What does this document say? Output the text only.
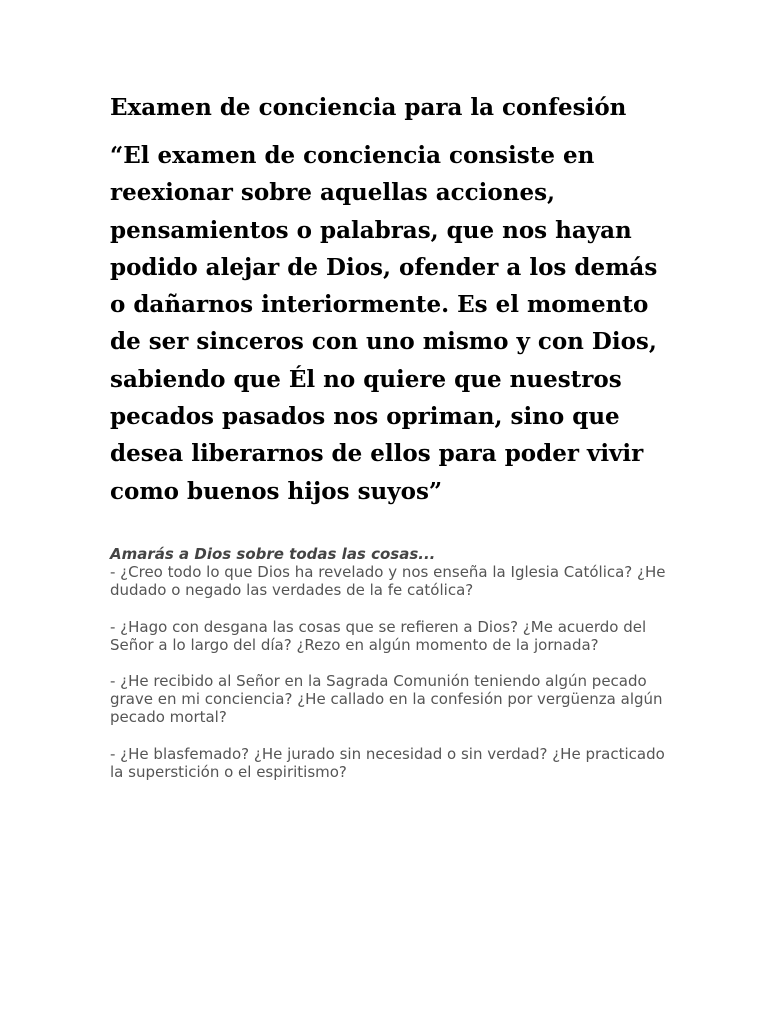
Examen de conciencia para la confesión

“El examen de conciencia consiste en reexionar sobre aquellas acciones, pensamientos o palabras, que nos hayan podido alejar de Dios, ofender a los demás o dañarnos interiormente. Es el momento de ser sinceros con uno mismo y con Dios, sabiendo que Él no quiere que nuestros pecados pasados nos opriman, sino que desea liberarnos de ellos para poder vivir como buenos hijos suyos”

Amarás a Dios sobre todas las cosas...

- ¿Creo todo lo que Dios ha revelado y nos enseña la Iglesia Católica? ¿He dudado o negado las verdades de la fe católica?

- ¿Hago con desgana las cosas que se refieren a Dios? ¿Me acuerdo del Señor a lo largo del día? ¿Rezo en algún momento de la jornada?

- ¿He recibido al Señor en la Sagrada Comunión teniendo algún pecado grave en mi conciencia? ¿He callado en la confesión por vergüenza algún pecado mortal?

- ¿He blasfemado? ¿He jurado sin necesidad o sin verdad? ¿He practicado la superstición o el espiritismo?
